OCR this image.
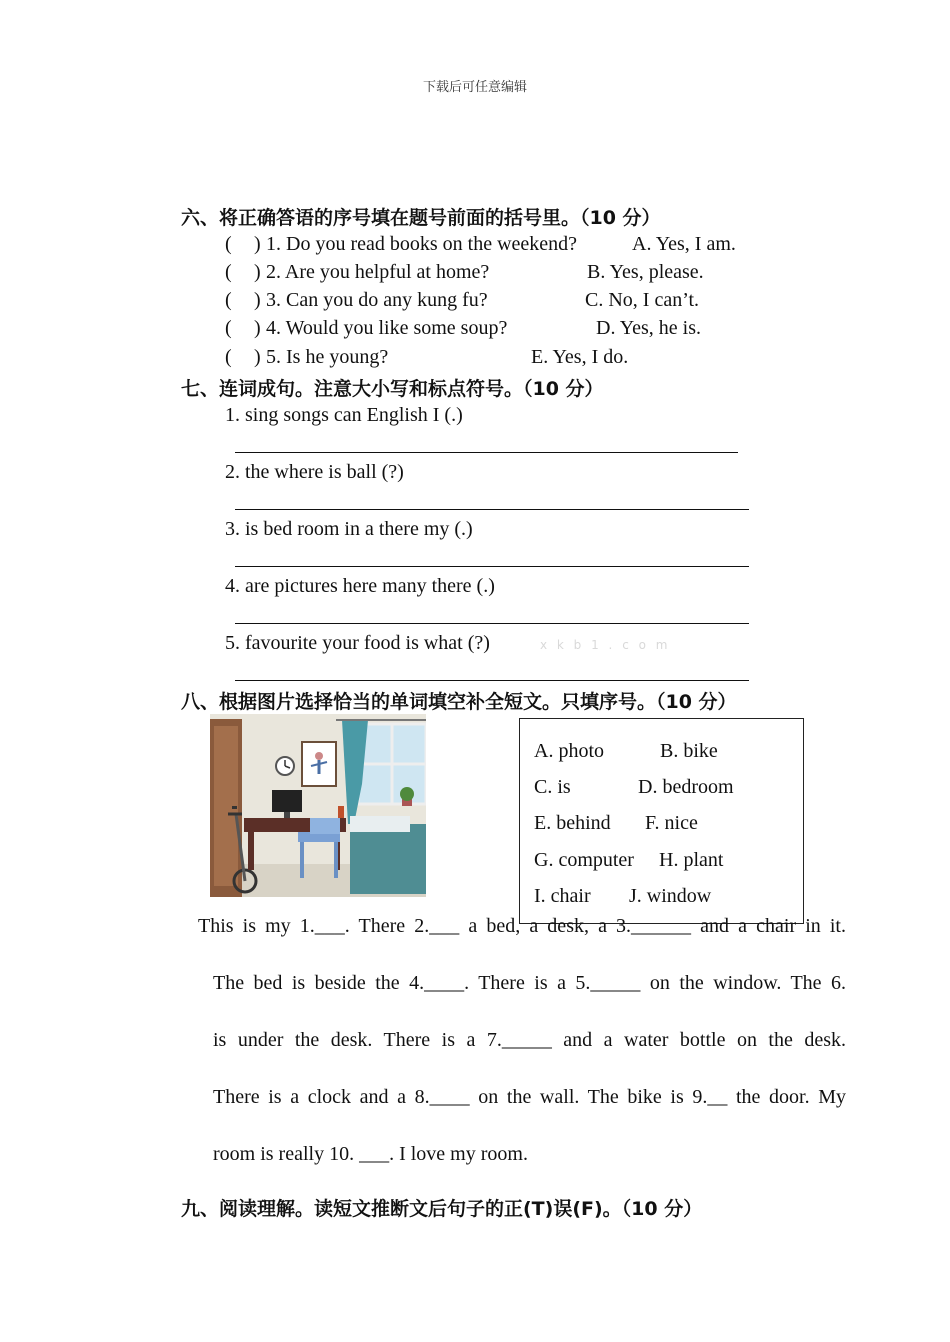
下载后可任意编辑
六、将正确答语的序号填在题号前面的括号里。（10 分）
( ) 1. Do you read books on the weekend?	A. Yes, I am.
( ) 2. Are you helpful at home?	B. Yes, please.
( ) 3. Can you do any kung fu?	C. No, I can’t.
( ) 4. Would you like some soup?	D. Yes, he is.
( ) 5. Is he young?	E. Yes, I do.
七、连词成句。注意大小写和标点符号。（10 分）
1. sing songs can English I (.)
2. the where is ball (?)
3. is bed room in a there my (.)
4. are pictures here many there (.)
5. favourite your food is what (?)	x k b 1 . c o m
八、根据图片选择恰当的单词填空补全短文。只填序号。（10 分）
A. photo	B. bike
C. is	D. bedroom
E. behind F. nice
G. computer H. plant
I. chair J. window
This is my 1.___. There 2.___ a bed, a desk, a 3.______ and a chair in it.
The bed is beside the 4.____. There is a 5._____ on the window. The 6.
is under the desk. There is a 7._____ and a water bottle on the desk.
There is a clock and a 8.____ on the wall. The bike is 9.__ the door. My
room is really 10. ___. I love my room.
九、阅读理解。读短文推断文后句子的正(T)误(F)。（10 分）
